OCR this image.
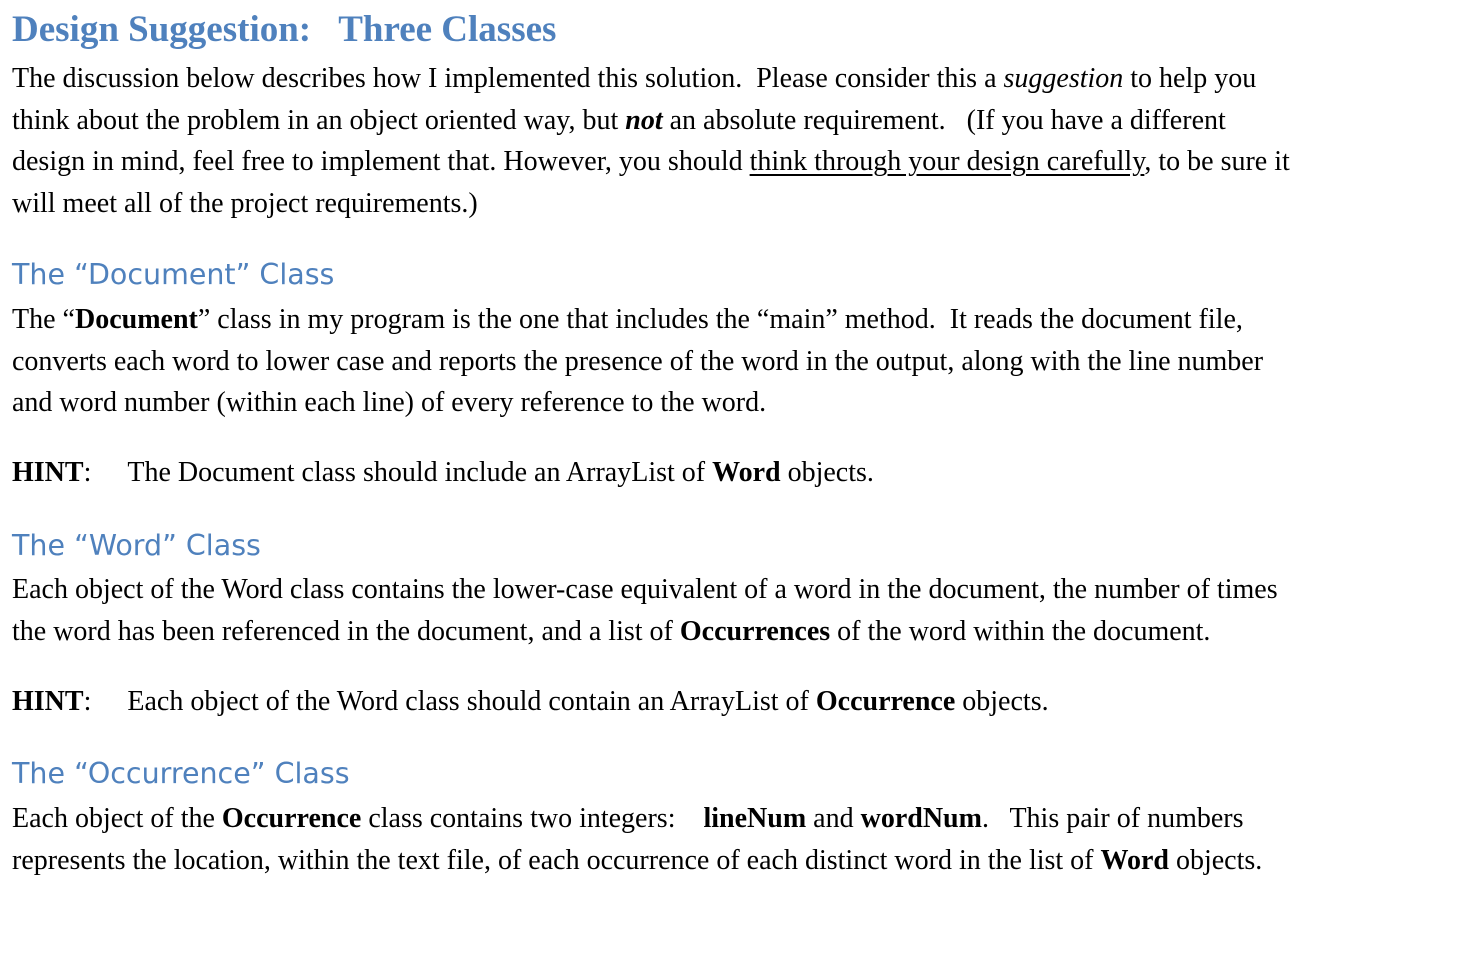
Design Suggestion:   Three Classes

The discussion below describes how I implemented this solution.  Please consider this a suggestion to help you
think about the problem in an object oriented way, but not an absolute requirement.   (If you have a different
design in mind, feel free to implement that. However, you should think through your design carefully, to be sure it
will meet all of the project requirements.)

The “Document” Class

The “Document” class in my program is the one that includes the “main” method.  It reads the document file,
converts each word to lower case and reports the presence of the word in the output, along with the line number
and word number (within each line) of every reference to the word.

HINT: The Document class should include an ArrayList of Word objects.

The “Word” Class

Each object of the Word class contains the lower-case equivalent of a word in the document, the number of times
the word has been referenced in the document, and a list of Occurrences of the word within the document.

HINT: Each object of the Word class should contain an ArrayList of Occurrence objects.

The “Occurrence” Class

Each object of the Occurrence class contains two integers:    lineNum and wordNum.   This pair of numbers
represents the location, within the text file, of each occurrence of each distinct word in the list of Word objects.
